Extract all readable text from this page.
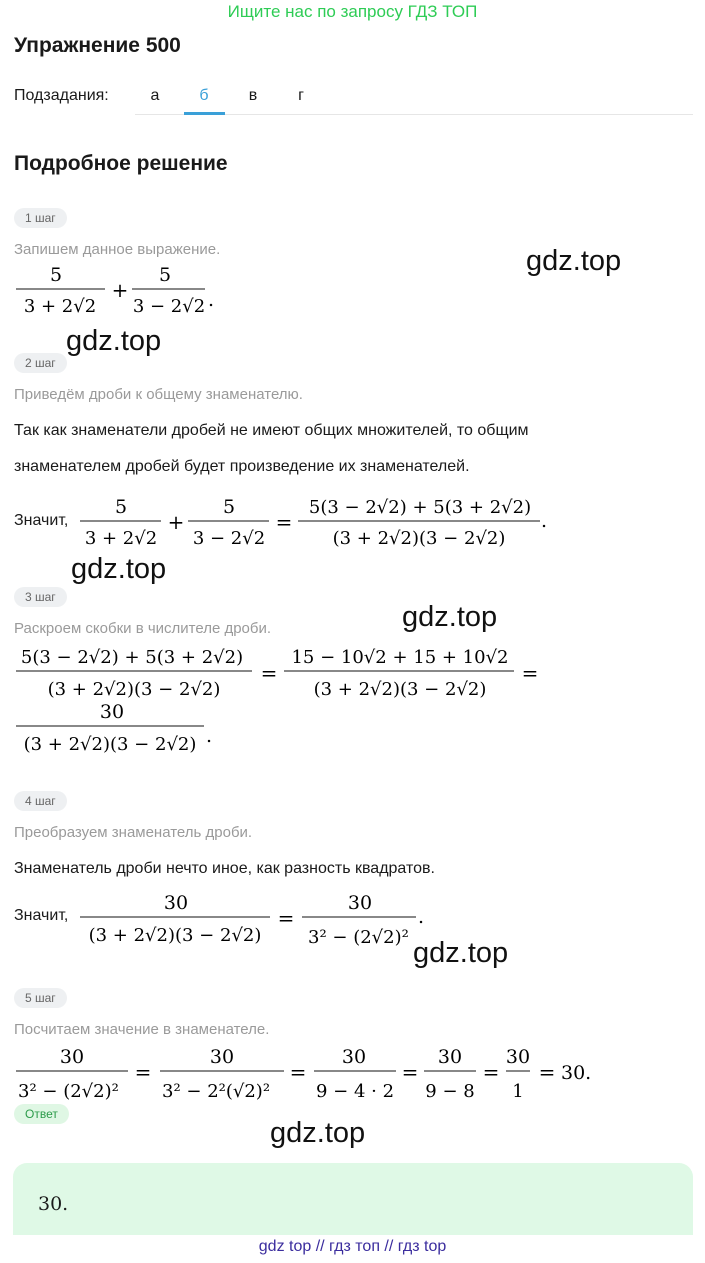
Ищите нас по запросу ГДЗ ТОП
Упражнение 500
Подзадания:	а	б	в	г
Подробное решение
1 шаг
Запишем данное выражение.
5
3 + 2√2
+
5
3 − 2√2 .
gdz.top
gdz.top
2 шаг
Приведём дроби к общему знаменателю.
Так как знаменатели дробей не имеют общих множителей, то общим
знаменателем дробей будет произведение их знаменателей.
Значит,
5
3 + 2√2
+
5
3 − 2√2
=
5(3 − 2√2) + 5(3 + 2√2)
(3 + 2√2)(3 − 2√2)
.
gdz.top
3 шаг
gdz.top
Раскроем скобки в числителе дроби.
5(3 − 2√2) + 5(3 + 2√2)
(3 + 2√2)(3 − 2√2)
=
15 − 10√2 + 15 + 10√2
(3 + 2√2)(3 − 2√2)
=
30
(3 + 2√2)(3 − 2√2) .
4 шаг
Преобразуем знаменатель дроби.
Знаменатель дроби нечто иное, как разность квадратов.
Значит,
30
(3 + 2√2)(3 − 2√2)
=
30
3² − (2√2)²
.
gdz.top
5 шаг
Посчитаем значение в знаменателе.
30
3² − (2√2)²
=
30
3² − 2²(√2)²
=
30
9 − 4 · 2
=
30
9 − 8
=
30
1
= 30.
Ответ
gdz.top
30.
gdz top // гдз топ // гдз top
